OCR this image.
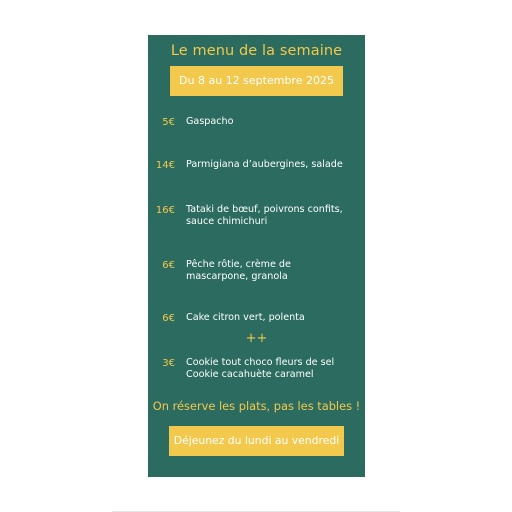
Le menu de la semaine
Du 8 au 12 septembre 2025
5€ Gaspacho
14€ Parmigiana d’aubergines, salade
16€ Tataki de bœuf, poivrons confits,
sauce chimichuri
6€ Pêche rôtie, crème de
mascarpone, granola
6€ Cake citron vert, polenta
++
3€ Cookie tout choco fleurs de sel
Cookie cacahuète caramel
On réserve les plats, pas les tables !
Déjeunez du lundi au vendredi
